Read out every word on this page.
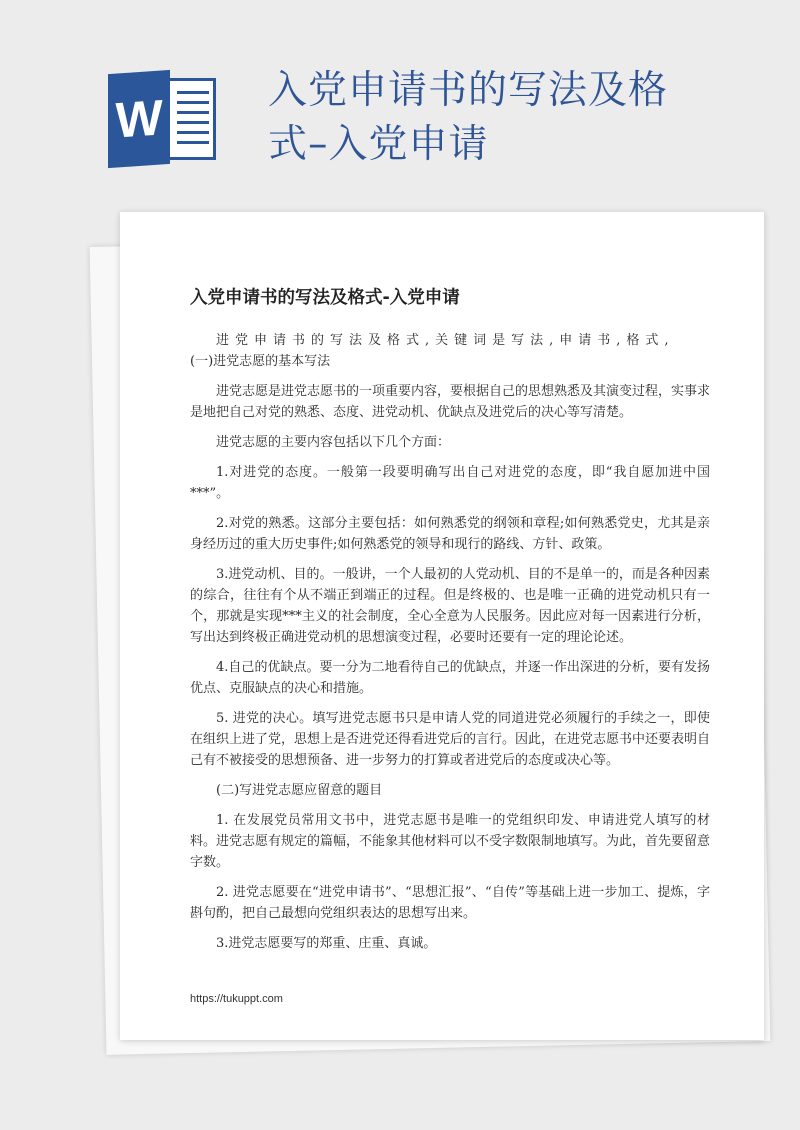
W	入党申请书的写法及格式–入党申请
入党申请书的写法及格式-入党申请

进党申请书的写法及格式,关键词是写法,申请书,格式,

(一)进党志愿的基本写法

进党志愿是进党志愿书的一项重要内容，要根据自己的思想熟悉及其演变过程，实事求是地把自己对党的熟悉、态度、进党动机、优缺点及进党后的决心等写清楚。

进党志愿的主要内容包括以下几个方面：

1.对进党的态度。一般第一段要明确写出自己对进党的态度，即“我自愿加进中国***”。

2.对党的熟悉。这部分主要包括：如何熟悉党的纲领和章程;如何熟悉党史，尤其是亲身经历过的重大历史事件;如何熟悉党的领导和现行的路线、方针、政策。

3.进党动机、目的。一般讲，一个人最初的人党动机、目的不是单一的，而是各种因素的综合，往往有个从不端正到端正的过程。但是终极的、也是唯一正确的进党动机只有一个，那就是实现***主义的社会制度，全心全意为人民服务。因此应对每一因素进行分析，写出达到终极正确进党动机的思想演变过程，必要时还要有一定的理论论述。

4.自己的优缺点。要一分为二地看待自己的优缺点，并逐一作出深进的分析，要有发扬优点、克服缺点的决心和措施。

5. 进党的决心。填写进党志愿书只是申请人党的同道进党必须履行的手续之一，即使在组织上进了党，思想上是否进党还得看进党后的言行。因此，在进党志愿书中还要表明自己有不被接受的思想预备、进一步努力的打算或者进党后的态度或决心等。

(二)写进党志愿应留意的题目

1. 在发展党员常用文书中，进党志愿书是唯一的党组织印发、申请进党人填写的材料。进党志愿有规定的篇幅，不能象其他材料可以不受字数限制地填写。为此，首先要留意字数。

2. 进党志愿要在“进党申请书”、“思想汇报”、“自传”等基础上进一步加工、提炼，字斟句酌，把自己最想向党组织表达的思想写出来。

3.进党志愿要写的郑重、庄重、真诚。

https://tukuppt.com
